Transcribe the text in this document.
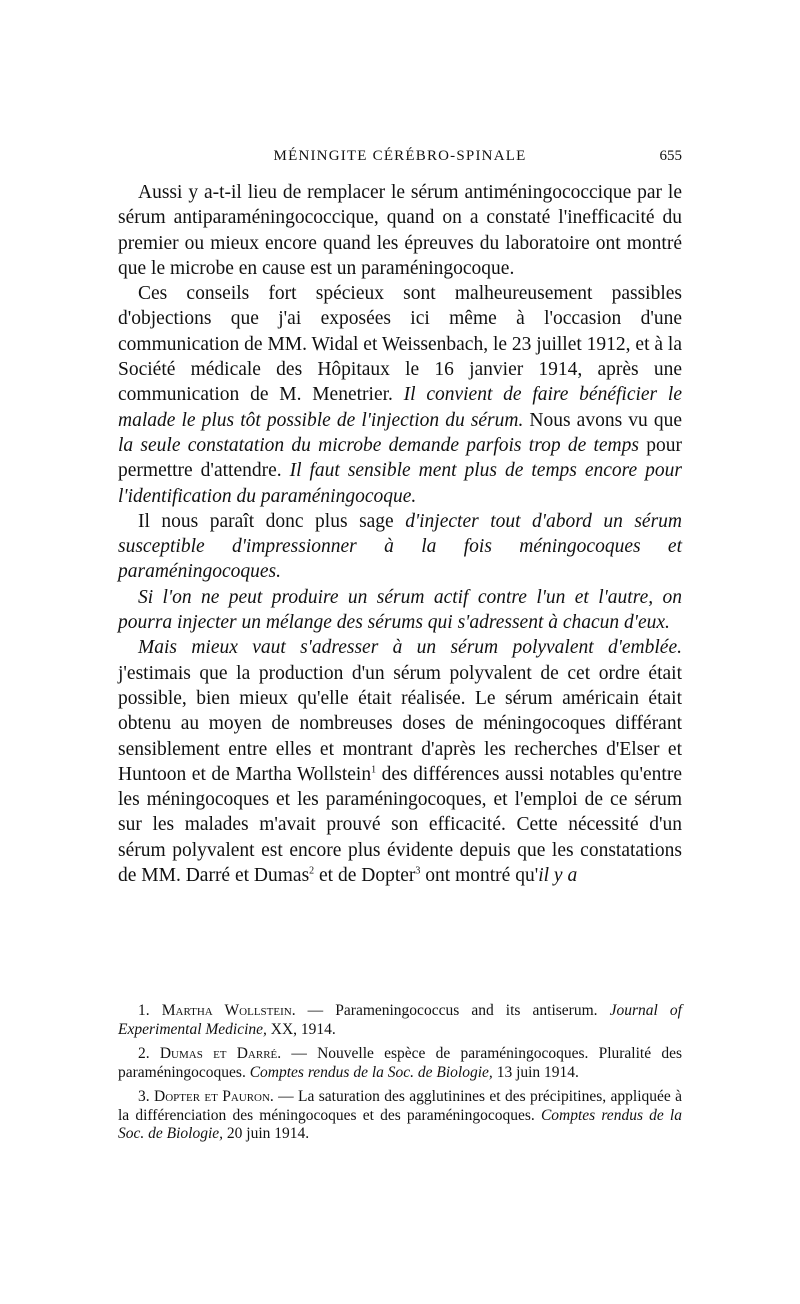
MÉNINGITE CÉRÉBRO-SPINALE	655

Aussi y a-t-il lieu de remplacer le sérum antiméningococcique par le sérum antiparaméningococcique, quand on a constaté l'inefficacité du premier ou mieux encore quand les épreuves du laboratoire ont montré que le microbe en cause est un paraméningocoque.

Ces conseils fort spécieux sont malheureusement passibles d'objections que j'ai exposées ici même à l'occasion d'une communication de MM. Widal et Weissenbach, le 23 juillet 1912, et à la Société médicale des Hôpitaux le 16 janvier 1914, après une communication de M. Menetrier. Il convient de faire bénéficier le malade le plus tôt possible de l'injection du sérum. Nous avons vu que la seule constatation du microbe demande parfois trop de temps pour permettre d'attendre. Il faut sensible ment plus de temps encore pour l'identification du paraméningocoque.

Il nous paraît donc plus sage d'injecter tout d'abord un sérum susceptible d'impressionner à la fois méningocoques et paraméningocoques.

Si l'on ne peut produire un sérum actif contre l'un et l'autre, on pourra injecter un mélange des sérums qui s'adressent à chacun d'eux.

Mais mieux vaut s'adresser à un sérum polyvalent d'emblée. j'estimais que la production d'un sérum polyvalent de cet ordre était possible, bien mieux qu'elle était réalisée. Le sérum américain était obtenu au moyen de nombreuses doses de méningocoques différant sensiblement entre elles et montrant d'après les recherches d'Elser et Huntoon et de Martha Wollstein$^1$ des différences aussi notables qu'entre les méningocoques et les paraméningocoques, et l'emploi de ce sérum sur les malades m'avait prouvé son efficacité. Cette nécessité d'un sérum polyvalent est encore plus évidente depuis que les constatations de MM. Darré et Dumas$^2$ et de Dopter$^3$ ont montré qu'il y a

1. Martha Wollstein. — Parameningococcus and its antiserum. Journal of Experimental Medicine, XX, 1914.

2. Dumas et Darré. — Nouvelle espèce de paraméningocoques. Pluralité des paraméningocoques. Comptes rendus de la Soc. de Biologie, 13 juin 1914.

3. Dopter et Pauron. — La saturation des agglutinines et des précipitines, appliquée à la différenciation des méningocoques et des paraméningocoques. Comptes rendus de la Soc. de Biologie, 20 juin 1914.
